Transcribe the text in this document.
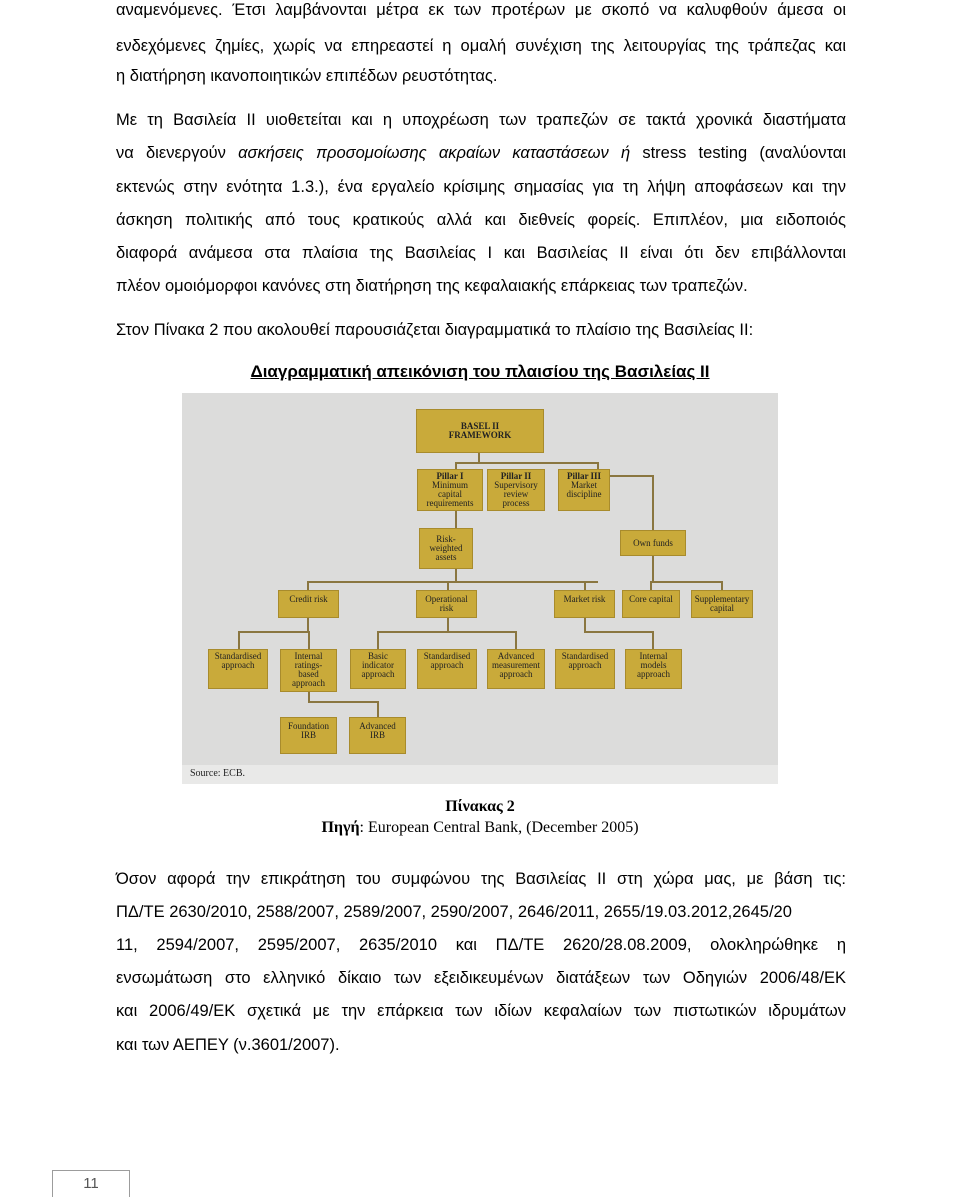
αναμενόμενες. Έτσι λαμβάνονται μέτρα εκ των προτέρων με σκοπό να καλυφθούν άμεσα οι
ενδεχόμενες ζημίες, χωρίς να επηρεαστεί η ομαλή συνέχιση της λειτουργίας της τράπεζας και
η διατήρηση ικανοποιητικών επιπέδων ρευστότητας.
Με τη Βασιλεία ΙΙ υιοθετείται και η υποχρέωση των τραπεζών σε τακτά χρονικά διαστήματα
να διενεργούν ασκήσεις προσομοίωσης ακραίων καταστάσεων ή stress testing (αναλύονται
εκτενώς στην ενότητα 1.3.), ένα εργαλείο κρίσιμης σημασίας για τη λήψη αποφάσεων και την
άσκηση πολιτικής από τους κρατικούς αλλά και διεθνείς φορείς. Επιπλέον, μια ειδοποιός
διαφορά ανάμεσα στα πλαίσια της Βασιλείας Ι και Βασιλείας ΙΙ είναι ότι δεν επιβάλλονται
πλέον ομοιόμορφοι κανόνες στη διατήρηση της κεφαλαιακής επάρκειας των τραπεζών.
Στον Πίνακα 2 που ακολουθεί παρουσιάζεται διαγραμματικά το πλαίσιο της Βασιλείας ΙΙ:
Διαγραμματική απεικόνιση του πλαισίου της Βασιλείας ΙΙ
BASEL II
FRAMEWORK
Pillar I
Minimum
capital
requirements
Pillar II
Supervisory
review
process
Pillar III
Market
discipline
Risk-
weighted
assets
Own funds
Credit risk	Operational
risk
Market risk	Core capital Supplementary
capital
Standardised
approach
Internal
ratings-
based
approach
Basic
indicator
approach
Standardised
approach
Advanced
measurement
approach
Standardised
approach
Internal
models
approach
Foundation
IRB
Advanced
IRB
Source: ECB.
Πίνακας 2
Πηγή: European Central Bank, (December 2005)
Όσον αφορά την επικράτηση του συμφώνου της Βασιλείας ΙΙ στη χώρα μας, με βάση τις:
ΠΔ/ΤΕ 2630/2010, 2588/2007, 2589/2007, 2590/2007, 2646/2011, 2655/19.03.2012,2645/20
11, 2594/2007, 2595/2007, 2635/2010 και ΠΔ/ΤΕ 2620/28.08.2009, ολοκληρώθηκε η
ενσωμάτωση στο ελληνικό δίκαιο των εξειδικευμένων διατάξεων των Οδηγιών 2006/48/ΕΚ
και 2006/49/ΕΚ σχετικά με την επάρκεια των ιδίων κεφαλαίων των πιστωτικών ιδρυμάτων
και των ΑΕΠΕΥ (ν.3601/2007).
11
